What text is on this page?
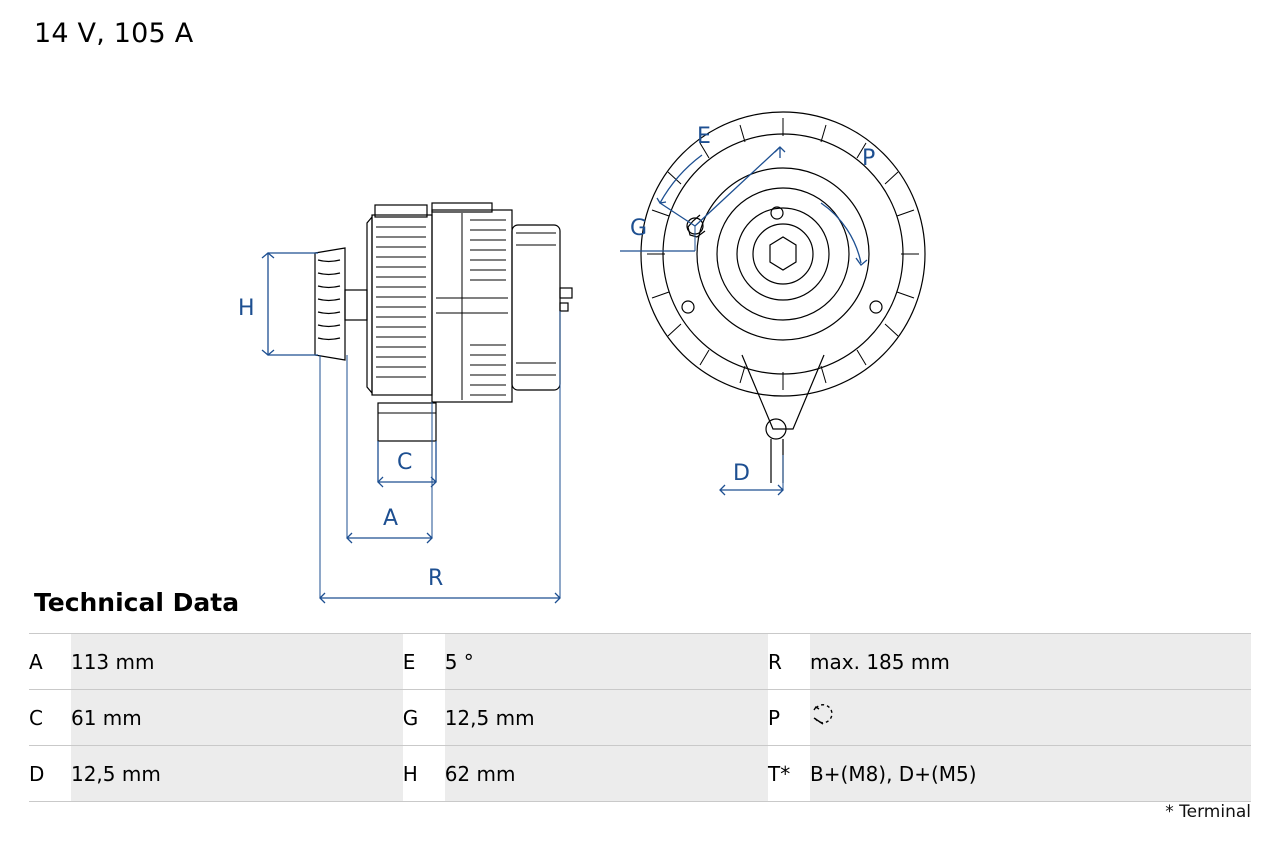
14 V, 105 A
H
C
A
R
E
G
P
D
Technical Data
A	113 mm	E	5 °	R	max. 185 mm
C	61 mm	G	12,5 mm	P	
D	12,5 mm	H	62 mm	T*	B+(M8), D+(M5)
* Terminal
